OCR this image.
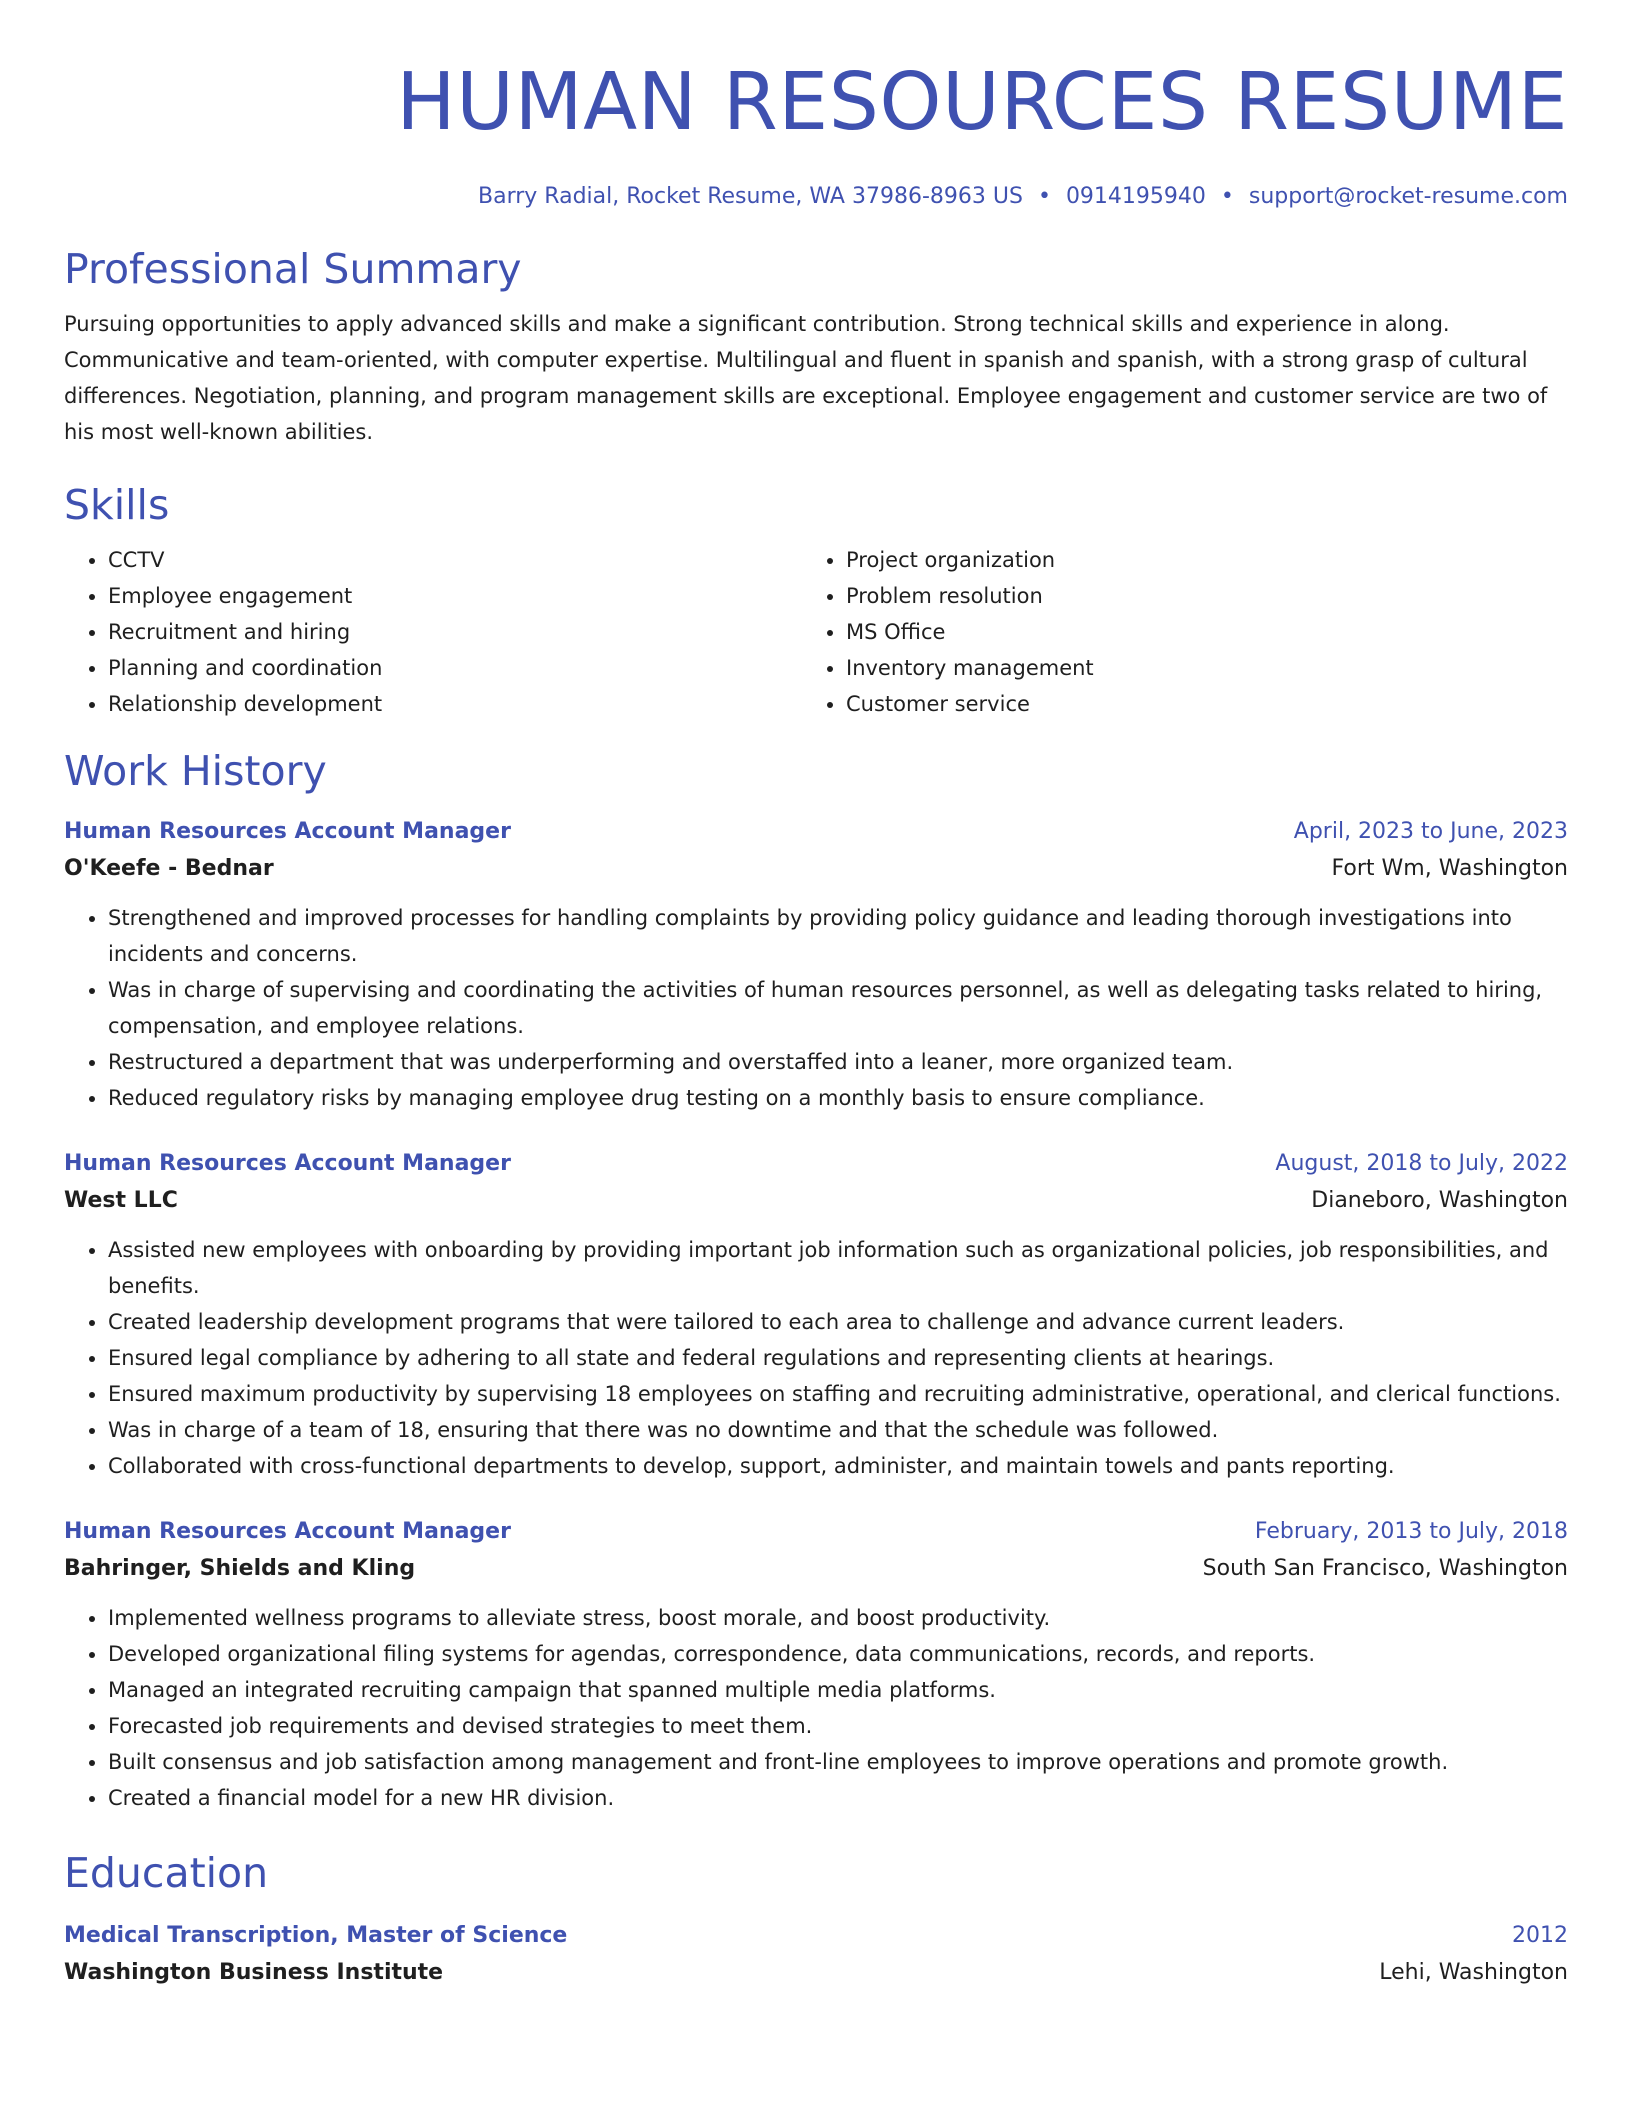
HUMAN RESOURCES RESUME
Barry Radial, Rocket Resume, WA 37986-8963 US • 0914195940 • support@rocket-resume.com
Professional Summary
Pursuing opportunities to apply advanced skills and make a significant contribution. Strong technical skills and experience in along. Communicative and team-oriented, with computer expertise. Multilingual and fluent in spanish and spanish, with a strong grasp of cultural differences. Negotiation, planning, and program management skills are exceptional. Employee engagement and customer service are two of his most well-known abilities.
Skills
• CCTV
• Employee engagement
• Recruitment and hiring
• Planning and coordination
• Relationship development
• Project organization
• Problem resolution
• MS Office
• Inventory management
• Customer service
Work History
Human Resources Account Manager	April, 2023 to June, 2023
O'Keefe - Bednar	Fort Wm, Washington
• Strengthened and improved processes for handling complaints by providing policy guidance and leading thorough investigations into incidents and concerns.
• Was in charge of supervising and coordinating the activities of human resources personnel, as well as delegating tasks related to hiring, compensation, and employee relations.
• Restructured a department that was underperforming and overstaffed into a leaner, more organized team.
• Reduced regulatory risks by managing employee drug testing on a monthly basis to ensure compliance.
Human Resources Account Manager	August, 2018 to July, 2022
West LLC	Dianeboro, Washington
• Assisted new employees with onboarding by providing important job information such as organizational policies, job responsibilities, and benefits.
• Created leadership development programs that were tailored to each area to challenge and advance current leaders.
• Ensured legal compliance by adhering to all state and federal regulations and representing clients at hearings.
• Ensured maximum productivity by supervising 18 employees on staffing and recruiting administrative, operational, and clerical functions.
• Was in charge of a team of 18, ensuring that there was no downtime and that the schedule was followed.
• Collaborated with cross-functional departments to develop, support, administer, and maintain towels and pants reporting.
Human Resources Account Manager	February, 2013 to July, 2018
Bahringer, Shields and Kling	South San Francisco, Washington
• Implemented wellness programs to alleviate stress, boost morale, and boost productivity.
• Developed organizational filing systems for agendas, correspondence, data communications, records, and reports.
• Managed an integrated recruiting campaign that spanned multiple media platforms.
• Forecasted job requirements and devised strategies to meet them.
• Built consensus and job satisfaction among management and front-line employees to improve operations and promote growth.
• Created a financial model for a new HR division.
Education
Medical Transcription, Master of Science	2012
Washington Business Institute	Lehi, Washington
